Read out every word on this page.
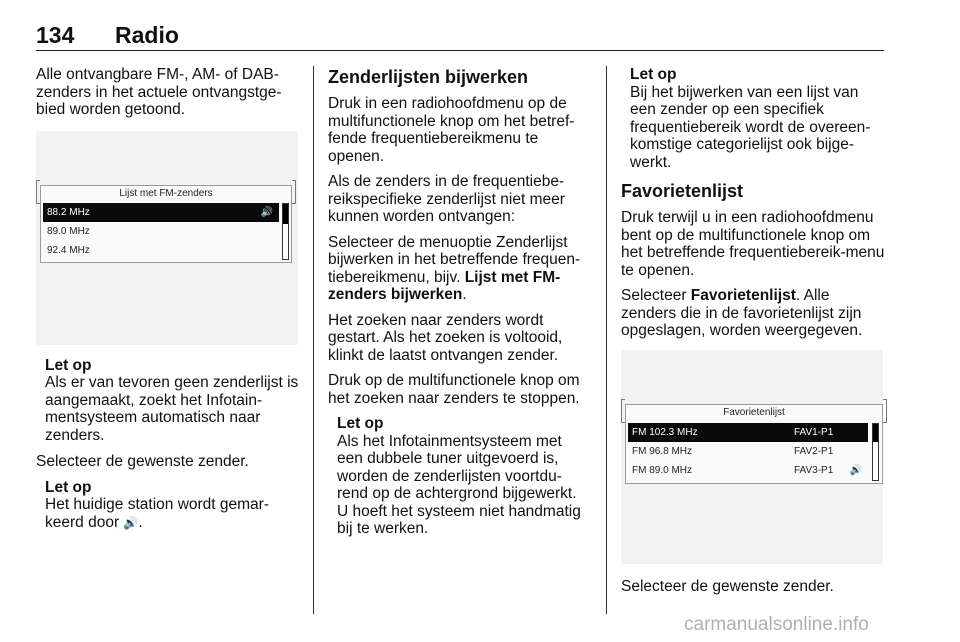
134 Radio

Alle ontvangbare FM-, AM- of DAB-zenders in het actuele ontvangstge-bied worden getoond.

Lijst met FM-zenders
88.2 MHz	🔊
89.0 MHz
92.4 MHz

Let op
Als er van tevoren geen zenderlijst is aangemaakt, zoekt het Infotain-mentsysteem automatisch naar zenders.

Selecteer de gewenste zender.

Let op
Het huidige station wordt gemar-keerd door 🔊.

Zenderlijsten bijwerken

Druk in een radiohoofdmenu op de multifunctionele knop om het betref-fende frequentiebereikmenu te openen.

Als de zenders in de frequentiebe-reikspecifieke zenderlijst niet meer kunnen worden ontvangen:

Selecteer de menuoptie Zenderlijst bijwerken in het betreffende frequen-tiebereikmenu, bijv. Lijst met FM-zenders bijwerken.

Het zoeken naar zenders wordt gestart. Als het zoeken is voltooid, klinkt de laatst ontvangen zender.

Druk op de multifunctionele knop om het zoeken naar zenders te stoppen.

Let op
Als het Infotainmentsysteem met een dubbele tuner uitgevoerd is, worden de zenderlijsten voortdu-rend op de achtergrond bijgewerkt. U hoeft het systeem niet handmatig bij te werken.

Let op
Bij het bijwerken van een lijst van een zender op een specifiek frequentiebereik wordt de overeen-komstige categorielijst ook bijge-werkt.

Favorietenlijst

Druk terwijl u in een radiohoofdmenu bent op de multifunctionele knop om het betreffende frequentiebereik-menu te openen.

Selecteer Favorietenlijst. Alle zenders die in de favorietenlijst zijn opgeslagen, worden weergegeven.

Favorietenlijst
FM 102.3 MHz	FAV1-P1
FM 96.8 MHz	FAV2-P1
FM 89.0 MHz	FAV3-P1 🔊

Selecteer de gewenste zender.

carmanualsonline.info
